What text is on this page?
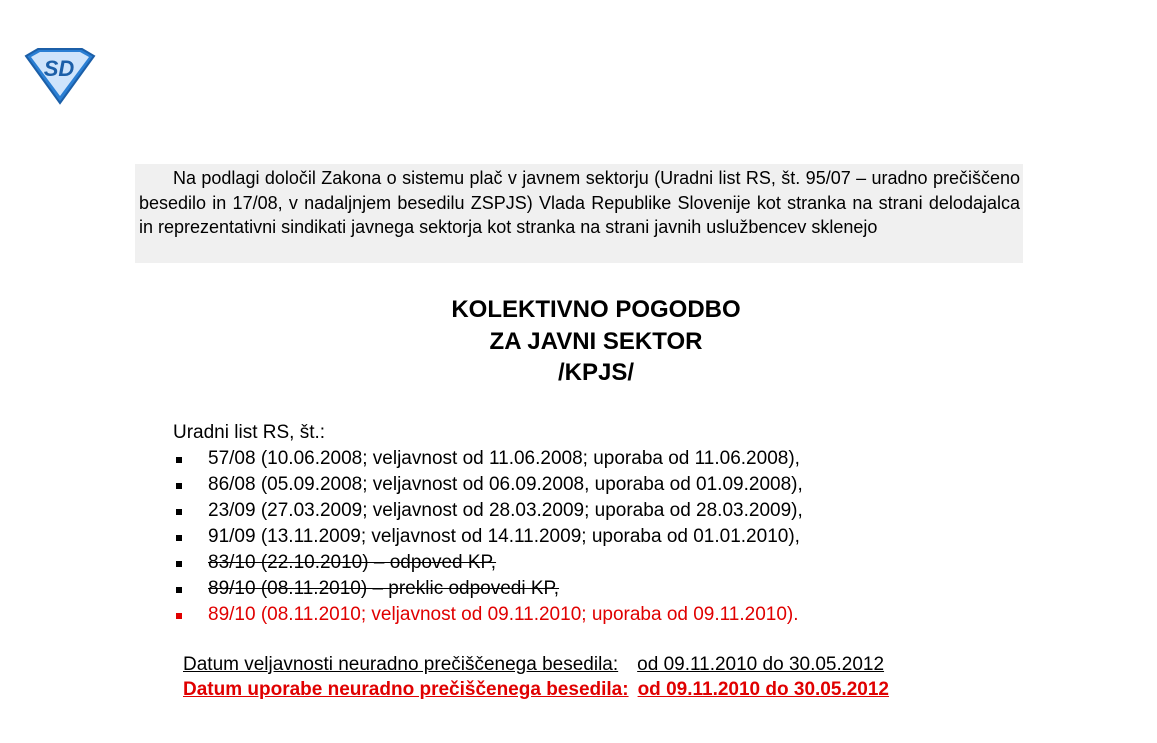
SD

Na podlagi določil Zakona o sistemu plač v javnem sektorju (Uradni list RS, št. 95/07 – uradno prečiščeno besedilo in 17/08, v nadaljnjem besedilu ZSPJS) Vlada Republike Slovenije kot stranka na strani delodajalca in reprezentativni sindikati javnega sektorja kot stranka na strani javnih uslužbencev sklenejo

KOLEKTIVNO POGODBO
ZA JAVNI SEKTOR
/KPJS/
Uradni list RS, št.:
57/08 (10.06.2008; veljavnost od 11.06.2008; uporaba od 11.06.2008),
86/08 (05.09.2008; veljavnost od 06.09.2008, uporaba od 01.09.2008),
23/09 (27.03.2009; veljavnost od 28.03.2009; uporaba od 28.03.2009),
91/09 (13.11.2009; veljavnost od 14.11.2009; uporaba od 01.01.2010),
83/10 (22.10.2010) – odpoved KP,
89/10 (08.11.2010) – preklic odpovedi KP,
89/10 (08.11.2010; veljavnost od 09.11.2010; uporaba od 09.11.2010).
Datum veljavnosti neuradno prečiščenega besedila: od 09.11.2010 do 30.05.2012
Datum uporabe neuradno prečiščenega besedila: od 09.11.2010 do 30.05.2012
